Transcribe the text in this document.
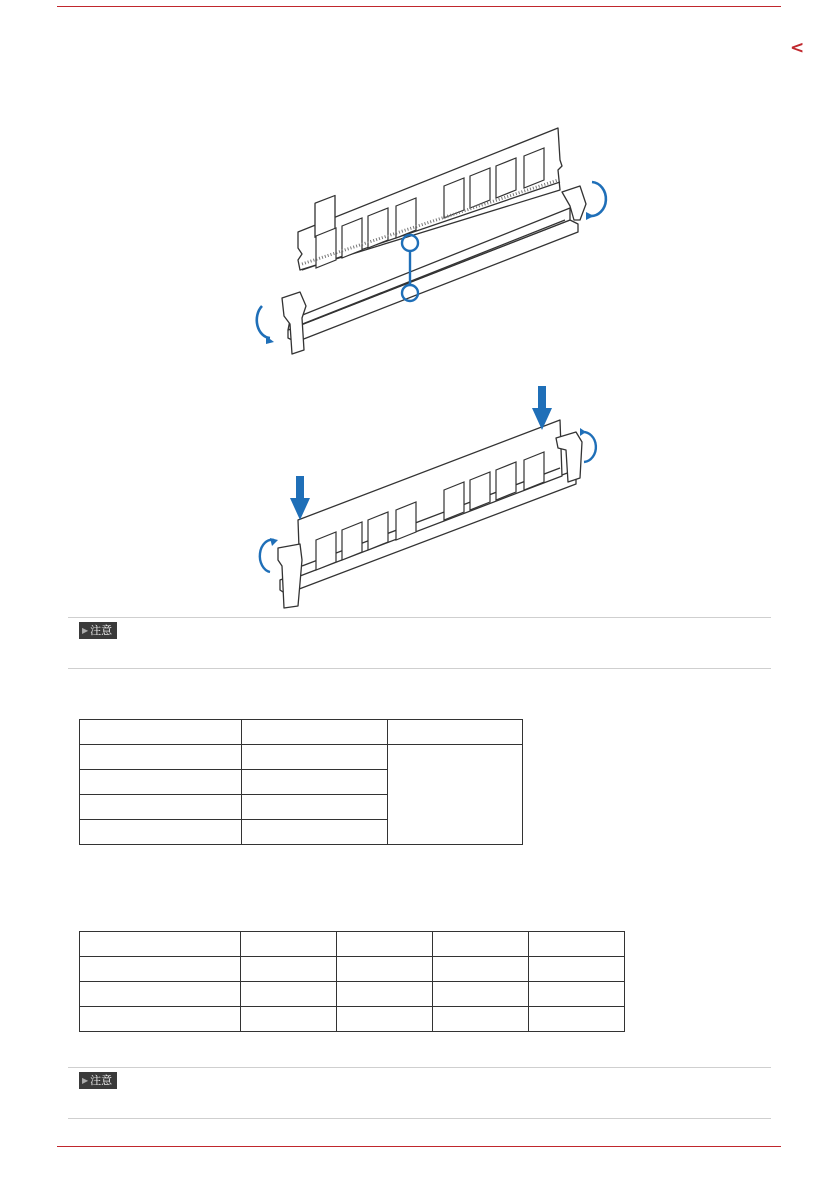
<
▶ 注意

▶ 注意
